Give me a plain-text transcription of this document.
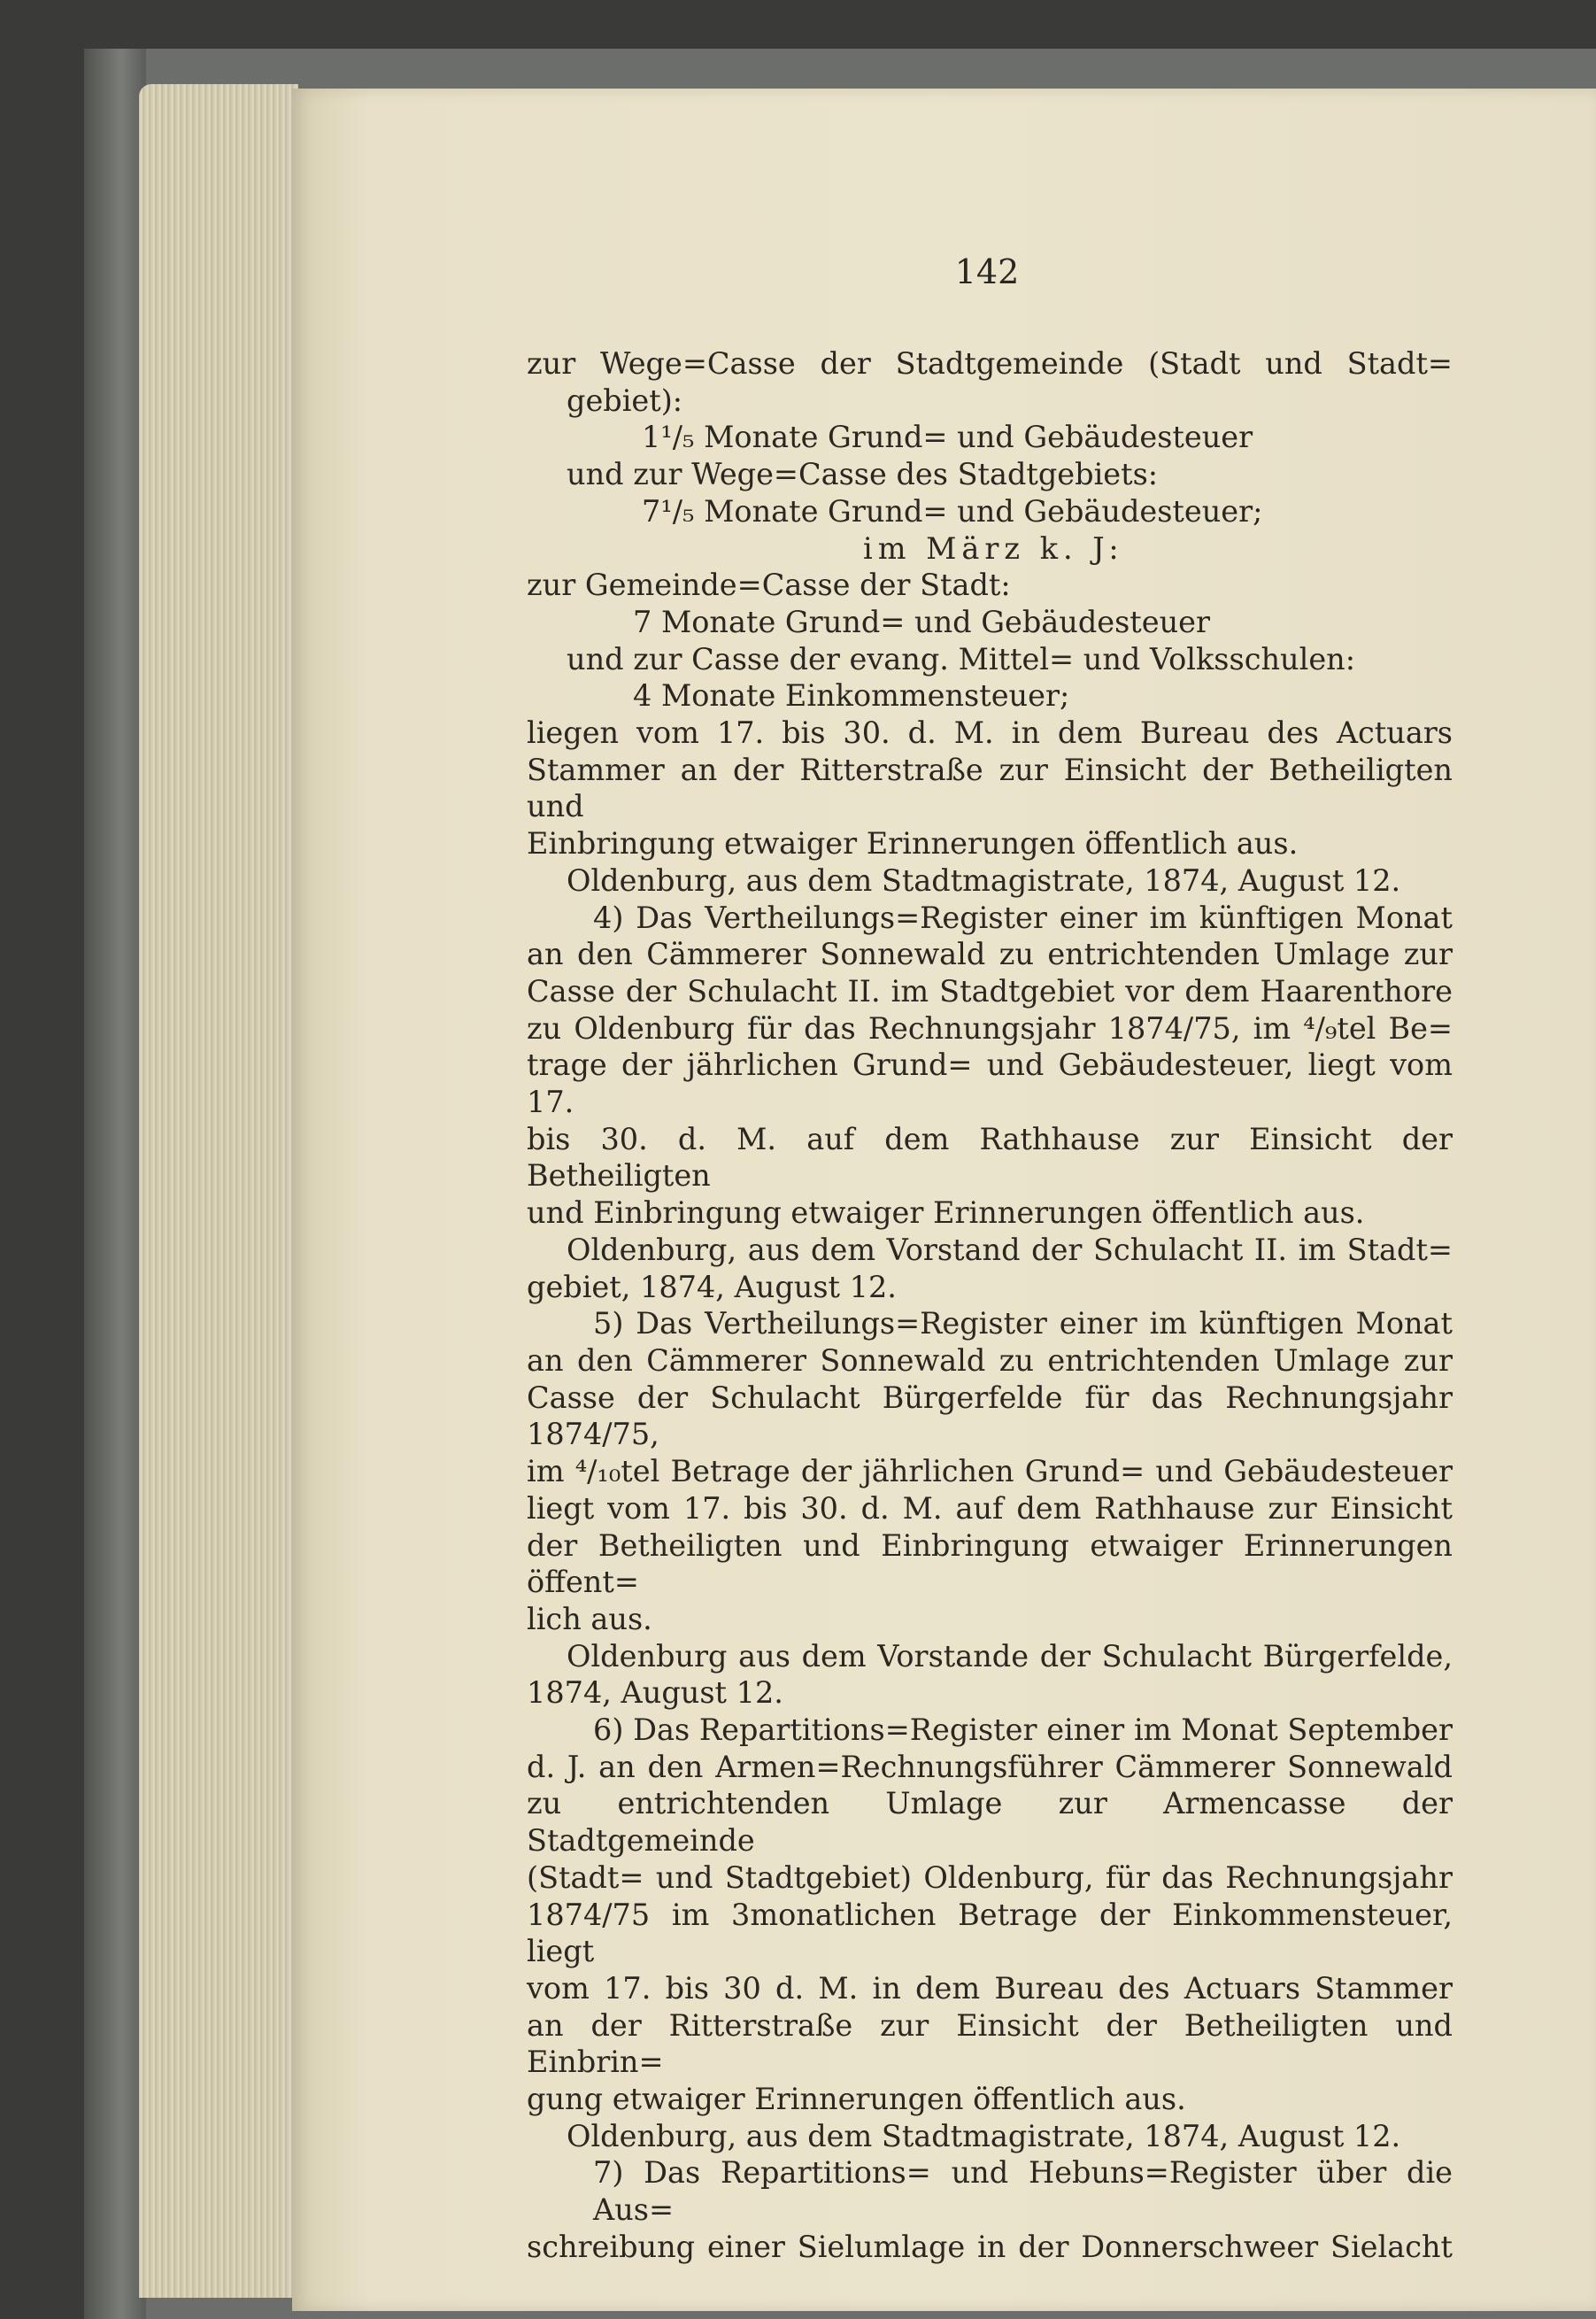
142
zur Wege=Casse der Stadtgemeinde (Stadt und Stadt=
gebiet):
1¹/₅ Monate Grund= und Gebäudesteuer
und zur Wege=Casse des Stadtgebiets:
7¹/₅ Monate Grund= und Gebäudesteuer;
im März k. J:
zur Gemeinde=Casse der Stadt:
7 Monate Grund= und Gebäudesteuer
und zur Casse der evang. Mittel= und Volksschulen:
4 Monate Einkommensteuer;
liegen vom 17. bis 30. d. M. in dem Bureau des Actuars
Stammer an der Ritterstraße zur Einsicht der Betheiligten und
Einbringung etwaiger Erinnerungen öffentlich aus.
Oldenburg, aus dem Stadtmagistrate, 1874, August 12.
4) Das Vertheilungs=Register einer im künftigen Monat
an den Cämmerer Sonnewald zu entrichtenden Umlage zur
Casse der Schulacht II. im Stadtgebiet vor dem Haarenthore
zu Oldenburg für das Rechnungsjahr 1874/75, im ⁴/₉tel Be=
trage der jährlichen Grund= und Gebäudesteuer, liegt vom 17.
bis 30. d. M. auf dem Rathhause zur Einsicht der Betheiligten
und Einbringung etwaiger Erinnerungen öffentlich aus.
Oldenburg, aus dem Vorstand der Schulacht II. im Stadt=
gebiet, 1874, August 12.
5) Das Vertheilungs=Register einer im künftigen Monat
an den Cämmerer Sonnewald zu entrichtenden Umlage zur
Casse der Schulacht Bürgerfelde für das Rechnungsjahr 1874/75,
im ⁴/₁₀tel Betrage der jährlichen Grund= und Gebäudesteuer
liegt vom 17. bis 30. d. M. auf dem Rathhause zur Einsicht
der Betheiligten und Einbringung etwaiger Erinnerungen öffent=
lich aus.
Oldenburg aus dem Vorstande der Schulacht Bürgerfelde,
1874, August 12.
6) Das Repartitions=Register einer im Monat September
d. J. an den Armen=Rechnungsführer Cämmerer Sonnewald
zu entrichtenden Umlage zur Armencasse der Stadtgemeinde
(Stadt= und Stadtgebiet) Oldenburg, für das Rechnungsjahr
1874/75 im 3monatlichen Betrage der Einkommensteuer, liegt
vom 17. bis 30 d. M. in dem Bureau des Actuars Stammer
an der Ritterstraße zur Einsicht der Betheiligten und Einbrin=
gung etwaiger Erinnerungen öffentlich aus.
Oldenburg, aus dem Stadtmagistrate, 1874, August 12.
7) Das Repartitions= und Hebuns=Register über die Aus=
schreibung einer Sielumlage in der Donnerschweer Sielacht
